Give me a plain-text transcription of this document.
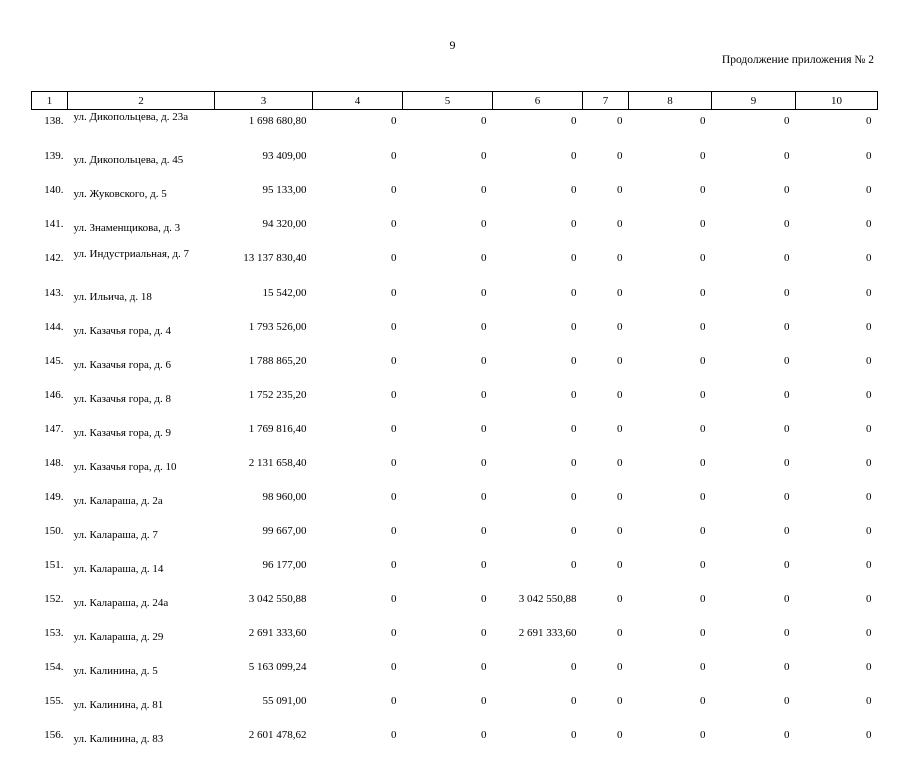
9
Продолжение приложения № 2
1	2	3	4	5	6	7	8	9	10
138.	ул. Дикопольцева, д. 23а	1 698 680,80	0	0	0	0	0	0	0
139.	ул. Дикопольцева, д. 45	93 409,00	0	0	0	0	0	0	0
140.	ул. Жуковского, д. 5	95 133,00	0	0	0	0	0	0	0
141.	ул. Знаменщикова, д. 3	94 320,00	0	0	0	0	0	0	0
142.	ул. Индустриальная, д. 7	13 137 830,40	0	0	0	0	0	0	0
143.	ул. Ильича, д. 18	15 542,00	0	0	0	0	0	0	0
144.	ул. Казачья гора, д. 4	1 793 526,00	0	0	0	0	0	0	0
145.	ул. Казачья гора, д. 6	1 788 865,20	0	0	0	0	0	0	0
146.	ул. Казачья гора, д. 8	1 752 235,20	0	0	0	0	0	0	0
147.	ул. Казачья гора, д. 9	1 769 816,40	0	0	0	0	0	0	0
148.	ул. Казачья гора, д. 10	2 131 658,40	0	0	0	0	0	0	0
149.	ул. Калараша, д. 2а	98 960,00	0	0	0	0	0	0	0
150.	ул. Калараша, д. 7	99 667,00	0	0	0	0	0	0	0
151.	ул. Калараша, д. 14	96 177,00	0	0	0	0	0	0	0
152.	ул. Калараша, д. 24а	3 042 550,88	0	0	3 042 550,88	0	0	0	0
153.	ул. Калараша, д. 29	2 691 333,60	0	0	2 691 333,60	0	0	0	0
154.	ул. Калинина, д. 5	5 163 099,24	0	0	0	0	0	0	0
155.	ул. Калинина, д. 81	55 091,00	0	0	0	0	0	0	0
156.	ул. Калинина, д. 83	2 601 478,62	0	0	0	0	0	0	0
